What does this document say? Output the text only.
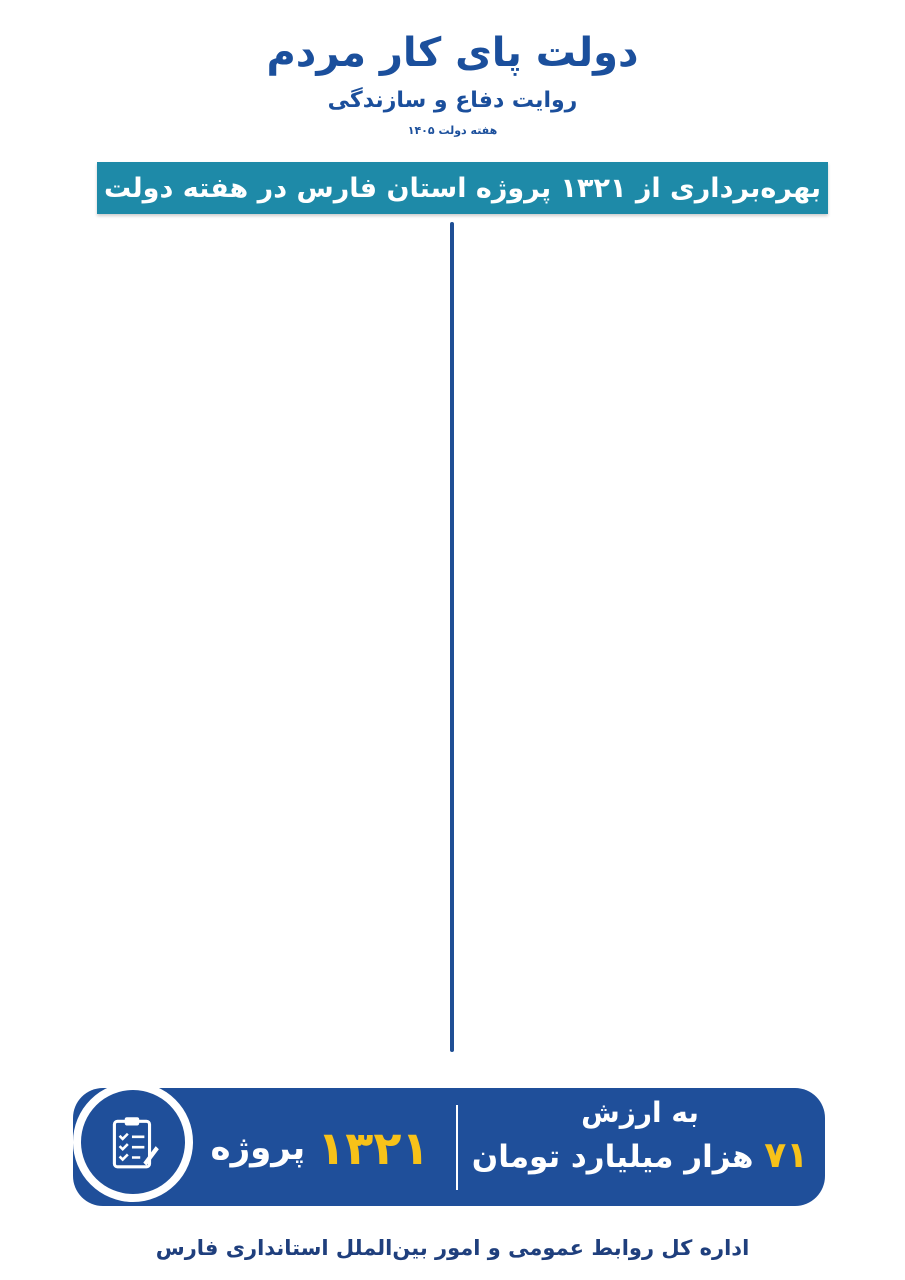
دولت پای کار مردم
روایت دفاع و سازندگی
هفته دولت ۱۴۰۵
بهره‌برداری از ۱۳۲۱ پروژه استان فارس در هفته دولت
۱۳۲۱
پروژه
به ارزش
۷۱ هزار میلیارد تومان
اداره کل روابط عمومی و امور بین‌الملل استانداری فارس
